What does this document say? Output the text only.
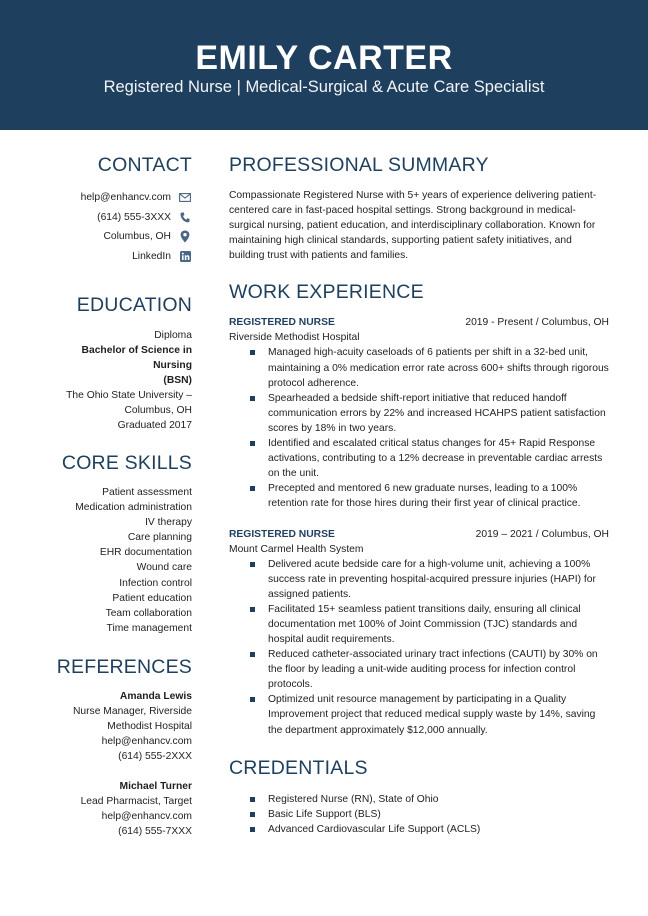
EMILY CARTER
Registered Nurse | Medical-Surgical & Acute Care Specialist
CONTACT
help@enhancv.com
(614) 555-3XXX
Columbus, OH
LinkedIn
EDUCATION
Diploma
Bachelor of Science in Nursing
(BSN)
The Ohio State University –
Columbus, OH
Graduated 2017
CORE SKILLS
Patient assessment
Medication administration
IV therapy
Care planning
EHR documentation
Wound care
Infection control
Patient education
Team collaboration
Time management
REFERENCES
Amanda Lewis
Nurse Manager, Riverside
Methodist Hospital
help@enhancv.com
(614) 555-2XXX
Michael Turner
Lead Pharmacist, Target
help@enhancv.com
(614) 555-7XXX
PROFESSIONAL SUMMARY
Compassionate Registered Nurse with 5+ years of experience delivering patient-centered care in fast-paced hospital settings. Strong background in medical-surgical nursing, patient education, and interdisciplinary collaboration. Known for maintaining high clinical standards, supporting patient safety initiatives, and building trust with patients and families.
WORK EXPERIENCE
REGISTERED NURSE	2019 - Present / Columbus, OH
Riverside Methodist Hospital
Managed high-acuity caseloads of 6 patients per shift in a 32-bed unit, maintaining a 0% medication error rate across 600+ shifts through rigorous protocol adherence.
Spearheaded a bedside shift-report initiative that reduced handoff communication errors by 22% and increased HCAHPS patient satisfaction scores by 18% in two years.
Identified and escalated critical status changes for 45+ Rapid Response activations, contributing to a 12% decrease in preventable cardiac arrests on the unit.
Precepted and mentored 6 new graduate nurses, leading to a 100% retention rate for those hires during their first year of clinical practice.
REGISTERED NURSE	2019 – 2021 / Columbus, OH
Mount Carmel Health System
Delivered acute bedside care for a high-volume unit, achieving a 100% success rate in preventing hospital-acquired pressure injuries (HAPI) for assigned patients.
Facilitated 15+ seamless patient transitions daily, ensuring all clinical documentation met 100% of Joint Commission (TJC) standards and hospital audit requirements.
Reduced catheter-associated urinary tract infections (CAUTI) by 30% on the floor by leading a unit-wide auditing process for infection control protocols.
Optimized unit resource management by participating in a Quality Improvement project that reduced medical supply waste by 14%, saving the department approximately $12,000 annually.
CREDENTIALS
Registered Nurse (RN), State of Ohio
Basic Life Support (BLS)
Advanced Cardiovascular Life Support (ACLS)
